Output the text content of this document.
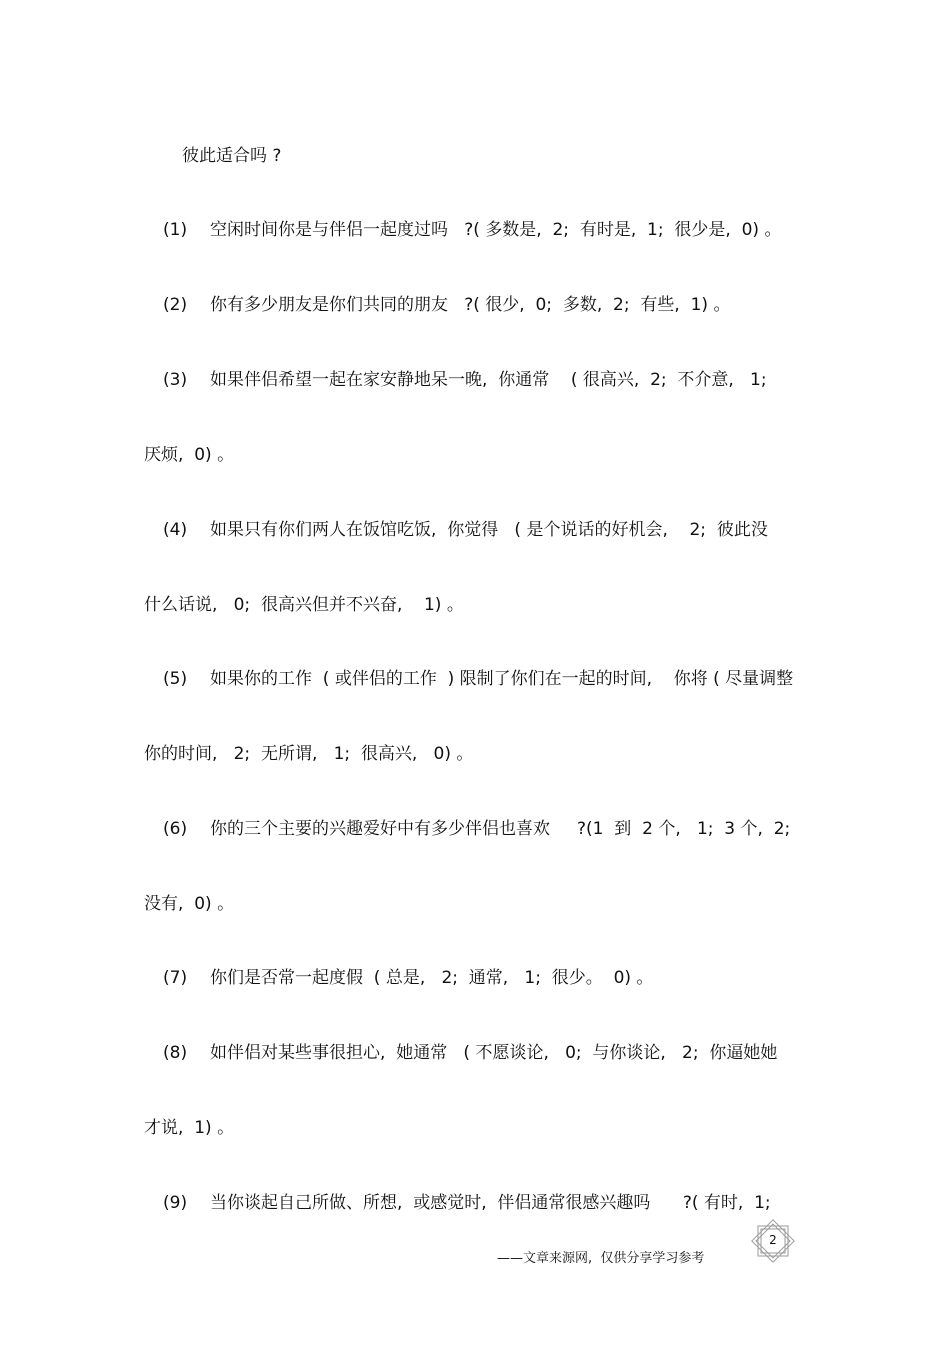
彼此适合吗 ?
(1) 空闲时间你是与伴侣一起度过吗   ?( 多数是,  2;  有时是,  1;  很少是,  0) 。
(2) 你有多少朋友是你们共同的朋友   ?( 很少,  0;  多数,  2;  有些,  1) 。
(3) 如果伴侣希望一起在家安静地呆一晚,  你通常    ( 很高兴,  2;  不介意,   1;
厌烦,  0) 。
(4) 如果只有你们两人在饭馆吃饭,  你觉得   ( 是个说话的好机会,    2;  彼此没
什么话说,   0;  很高兴但并不兴奋,    1) 。
(5) 如果你的工作  ( 或伴侣的工作  ) 限制了你们在一起的时间,    你将 ( 尽量调整
你的时间,   2;  无所谓,   1;  很高兴,   0) 。
(6) 你的三个主要的兴趣爱好中有多少伴侣也喜欢     ?(1  到  2 个,   1;  3 个,  2;
没有,  0) 。
(7) 你们是否常一起度假  ( 总是,   2;  通常,   1;  很少。  0) 。
(8) 如伴侣对某些事很担心,  她通常   ( 不愿谈论,   0;  与你谈论,   2;  你逼她她
才说,  1) 。
(9) 当你谈起自己所做、所想,  或感觉时,  伴侣通常很感兴趣吗      ?( 有时,  1;
2
——文章来源网,  仅供分享学习参考
